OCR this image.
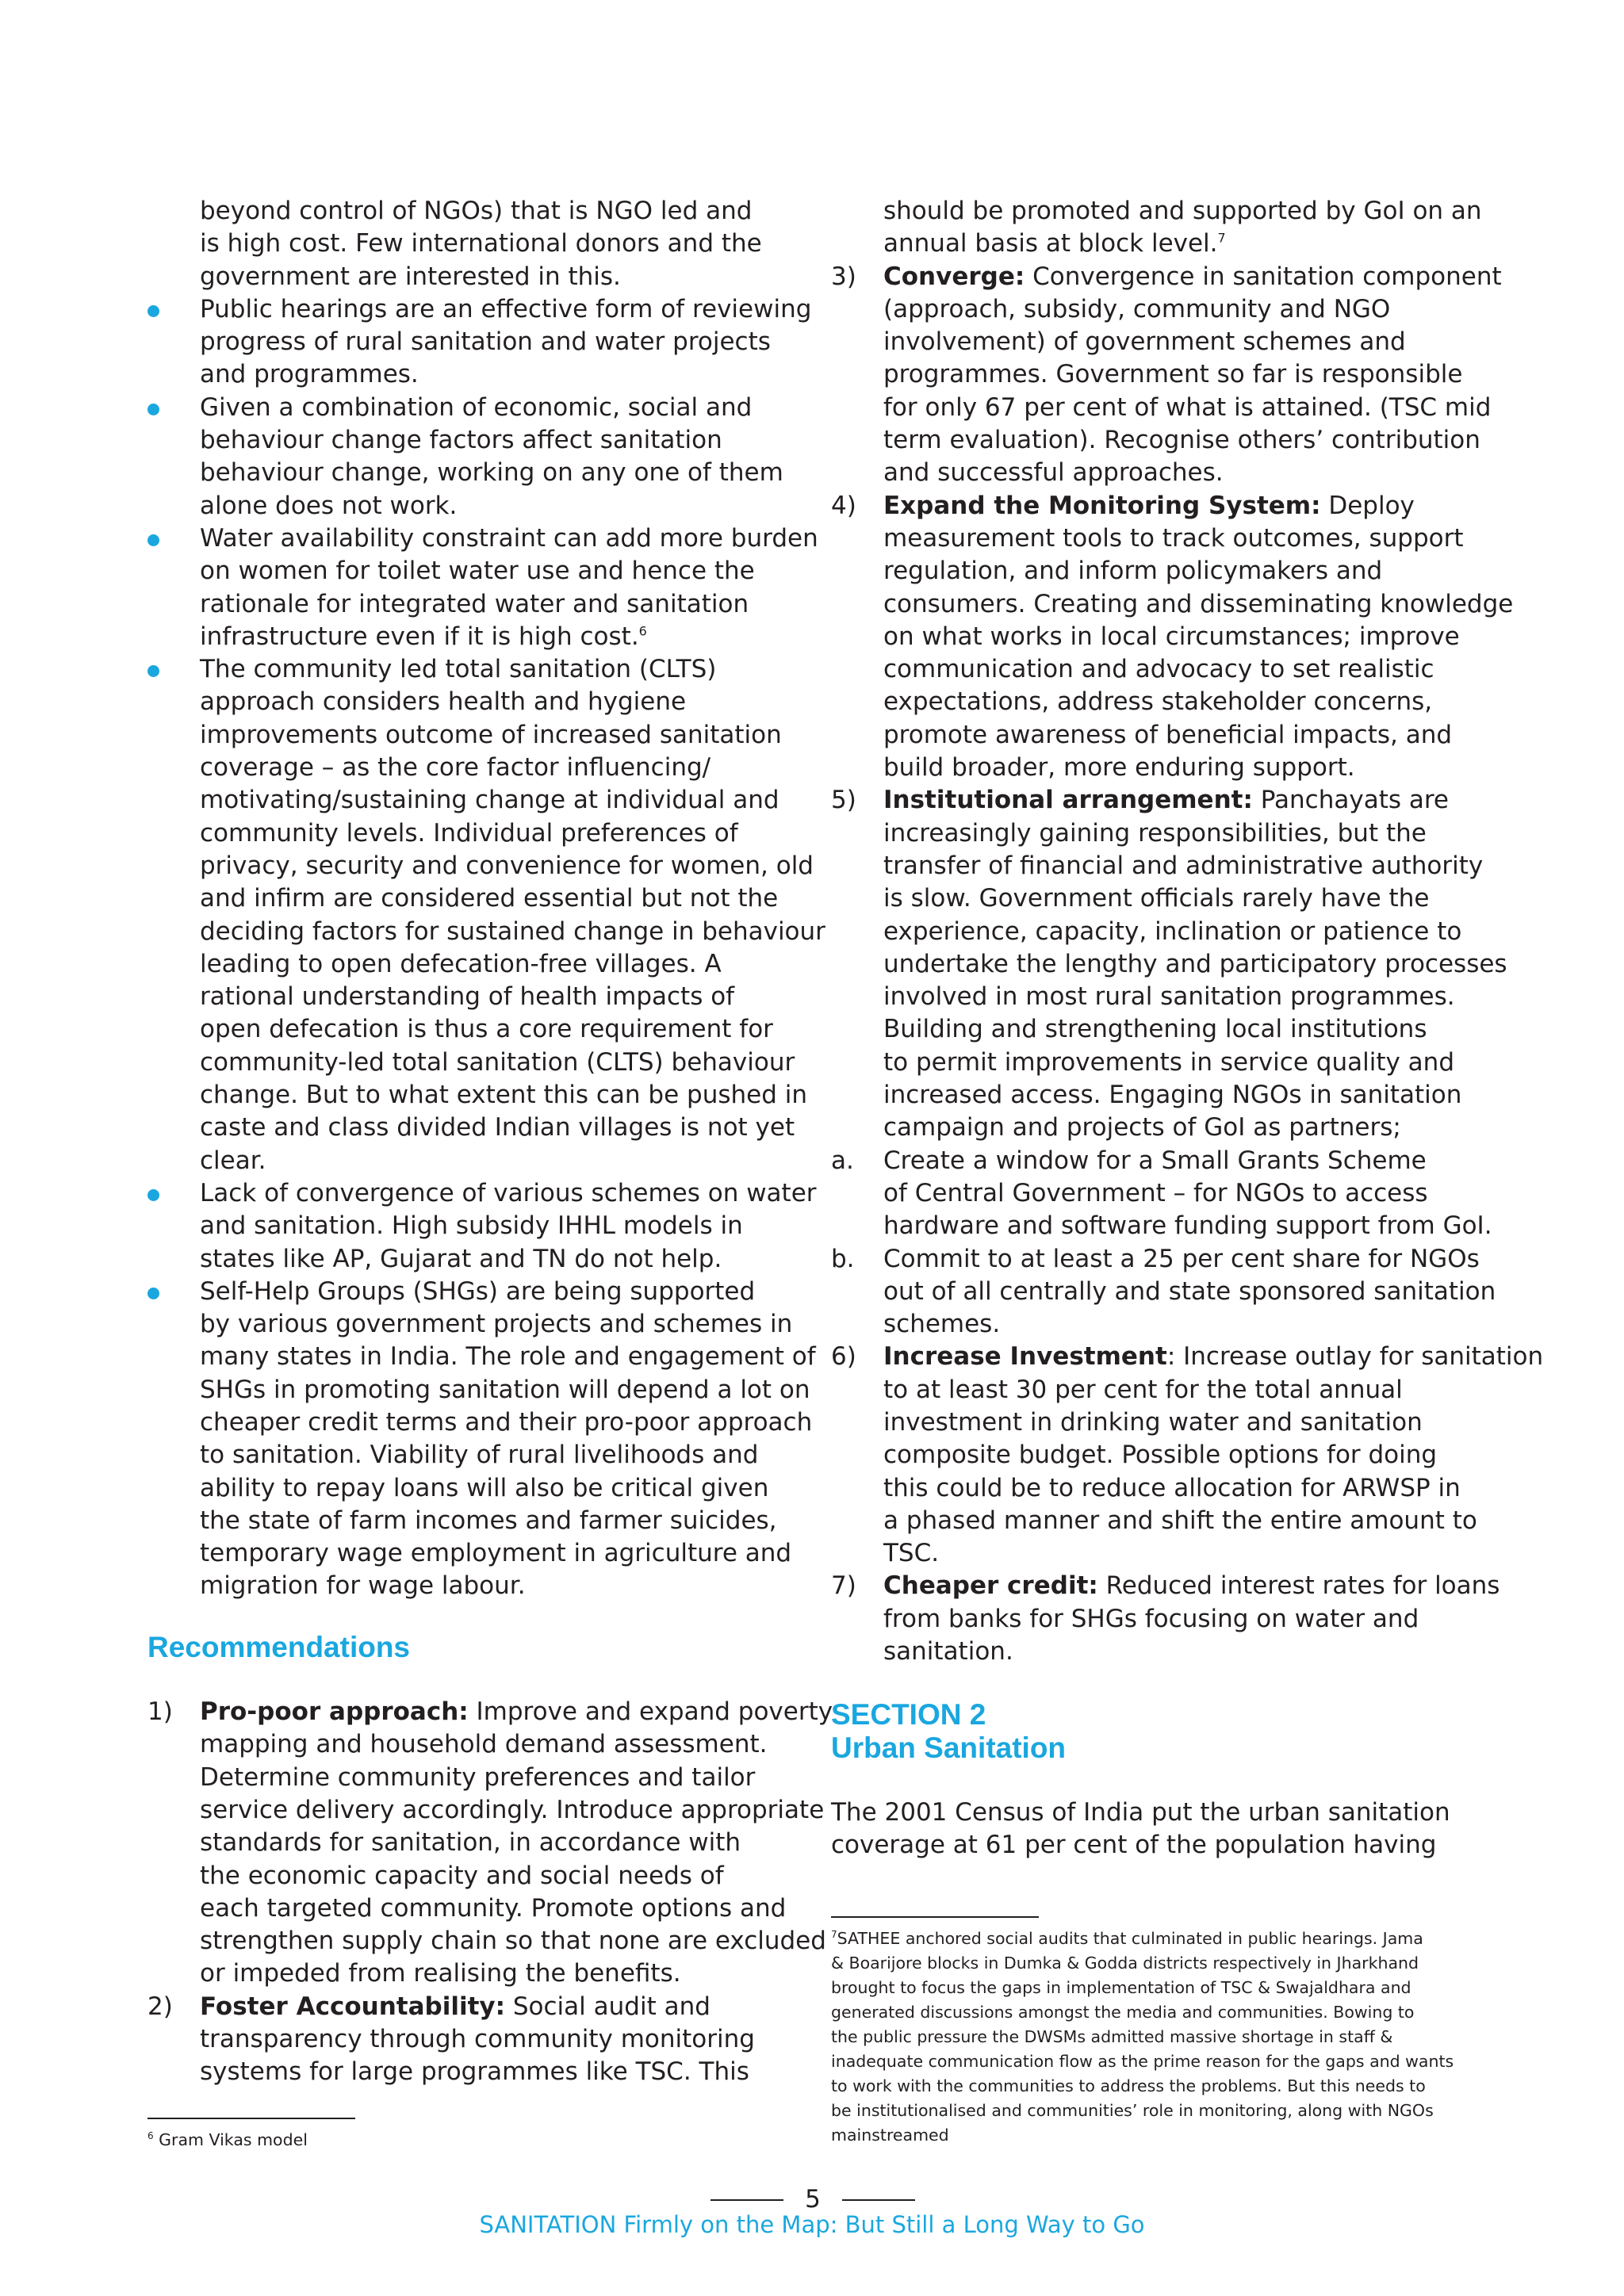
beyond control of NGOs) that is NGO led and
is high cost. Few international donors and the
government are interested in this.
Public hearings are an effective form of reviewing
progress of rural sanitation and water projects
and programmes.
Given a combination of economic, social and
behaviour change factors affect sanitation
behaviour change, working on any one of them
alone does not work.
Water availability constraint can add more burden
on women for toilet water use and hence the
rationale for integrated water and sanitation
infrastructure even if it is high cost.$^6$
The community led total sanitation (CLTS)
approach considers health and hygiene
improvements outcome of increased sanitation
coverage – as the core factor influencing/
motivating/sustaining change at individual and
community levels. Individual preferences of
privacy, security and convenience for women, old
and infirm are considered essential but not the
deciding factors for sustained change in behaviour
leading to open defecation-free villages. A
rational understanding of health impacts of
open defecation is thus a core requirement for
community-led total sanitation (CLTS) behaviour
change. But to what extent this can be pushed in
caste and class divided Indian villages is not yet
clear.
Lack of convergence of various schemes on water
and sanitation. High subsidy IHHL models in
states like AP, Gujarat and TN do not help.
Self-Help Groups (SHGs) are being supported
by various government projects and schemes in
many states in India. The role and engagement of
SHGs in promoting sanitation will depend a lot on
cheaper credit terms and their pro-poor approach
to sanitation. Viability of rural livelihoods and
ability to repay loans will also be critical given
the state of farm incomes and farmer suicides,
temporary wage employment in agriculture and
migration for wage labour.
Recommendations
1) Pro-poor approach: Improve and expand poverty
mapping and household demand assessment.
Determine community preferences and tailor
service delivery accordingly. Introduce appropriate
standards for sanitation, in accordance with
the economic capacity and social needs of
each targeted community. Promote options and
strengthen supply chain so that none are excluded
or impeded from realising the benefits.
2) Foster Accountability: Social audit and
transparency through community monitoring
systems for large programmes like TSC. This
should be promoted and supported by GoI on an
annual basis at block level.$^7$
3) Converge: Convergence in sanitation component
(approach, subsidy, community and NGO
involvement) of government schemes and
programmes. Government so far is responsible
for only 67 per cent of what is attained. (TSC mid
term evaluation). Recognise others’ contribution
and successful approaches.
4) Expand the Monitoring System: Deploy
measurement tools to track outcomes, support
regulation, and inform policymakers and
consumers. Creating and disseminating knowledge
on what works in local circumstances; improve
communication and advocacy to set realistic
expectations, address stakeholder concerns,
promote awareness of beneficial impacts, and
build broader, more enduring support.
5) Institutional arrangement: Panchayats are
increasingly gaining responsibilities, but the
transfer of financial and administrative authority
is slow. Government officials rarely have the
experience, capacity, inclination or patience to
undertake the lengthy and participatory processes
involved in most rural sanitation programmes.
Building and strengthening local institutions
to permit improvements in service quality and
increased access. Engaging NGOs in sanitation
campaign and projects of GoI as partners;
a. Create a window for a Small Grants Scheme
of Central Government – for NGOs to access
hardware and software funding support from GoI.
b. Commit to at least a 25 per cent share for NGOs
out of all centrally and state sponsored sanitation
schemes.
6) Increase Investment: Increase outlay for sanitation
to at least 30 per cent for the total annual
investment in drinking water and sanitation
composite budget. Possible options for doing
this could be to reduce allocation for ARWSP in
a phased manner and shift the entire amount to
TSC.
7) Cheaper credit: Reduced interest rates for loans
from banks for SHGs focusing on water and
sanitation.
SECTION 2
Urban Sanitation
The 2001 Census of India put the urban sanitation
coverage at 61 per cent of the population having
$^6$ Gram Vikas model
$^7$SATHEE anchored social audits that culminated in public hearings. Jama
& Boarijore blocks in Dumka & Godda districts respectively in Jharkhand
brought to focus the gaps in implementation of TSC & Swajaldhara and
generated discussions amongst the media and communities. Bowing to
the public pressure the DWSMs admitted massive shortage in staff &
inadequate communication flow as the prime reason for the gaps and wants
to work with the communities to address the problems. But this needs to
be institutionalised and communities’ role in monitoring, along with NGOs
mainstreamed
5
SANITATION Firmly on the Map: But Still a Long Way to Go
